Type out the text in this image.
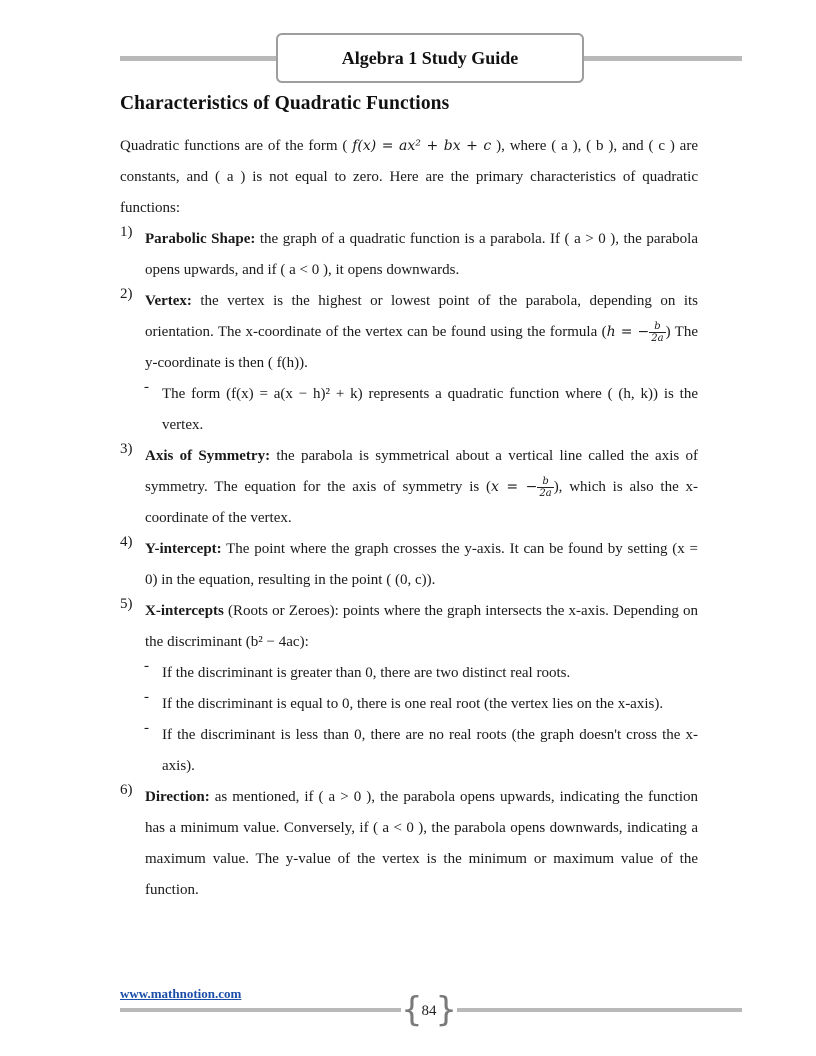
Algebra 1 Study Guide
Characteristics of Quadratic Functions

Quadratic functions are of the form ( f(x) = ax² + bx + c ), where ( a ), ( b ), and ( c ) are constants, and ( a ) is not equal to zero. Here are the primary characteristics of quadratic functions:

1) Parabolic Shape: the graph of a quadratic function is a parabola. If ( a > 0 ), the parabola opens upwards, and if ( a < 0 ), it opens downwards.
2) Vertex: the vertex is the highest or lowest point of the parabola, depending on its orientation. The x-coordinate of the vertex can be found using the formula (h = − $\frac{b}{2a}$ ) The y-coordinate is then ( f(h)).
- The form (f(x) = a(x − h)² + k) represents a quadratic function where ( (h, k)) is the vertex.
3) Axis of Symmetry: the parabola is symmetrical about a vertical line called the axis of symmetry. The equation for the axis of symmetry is (x = − $\frac{b}{2a}$ ), which is also the x-coordinate of the vertex.
4) Y-intercept: The point where the graph crosses the y-axis. It can be found by setting (x = 0) in the equation, resulting in the point ( (0, c)).
5) X-intercepts (Roots or Zeroes): points where the graph intersects the x-axis. Depending on the discriminant (b² − 4ac):
- If the discriminant is greater than 0, there are two distinct real roots.
- If the discriminant is equal to 0, there is one real root (the vertex lies on the x-axis).
- If the discriminant is less than 0, there are no real roots (the graph doesn't cross the x-axis).
6) Direction: as mentioned, if ( a > 0 ), the parabola opens upwards, indicating the function has a minimum value. Conversely, if ( a < 0 ), the parabola opens downwards, indicating a maximum value. The y-value of the vertex is the minimum or maximum value of the function.
www.mathnotion.com	{
84
}
